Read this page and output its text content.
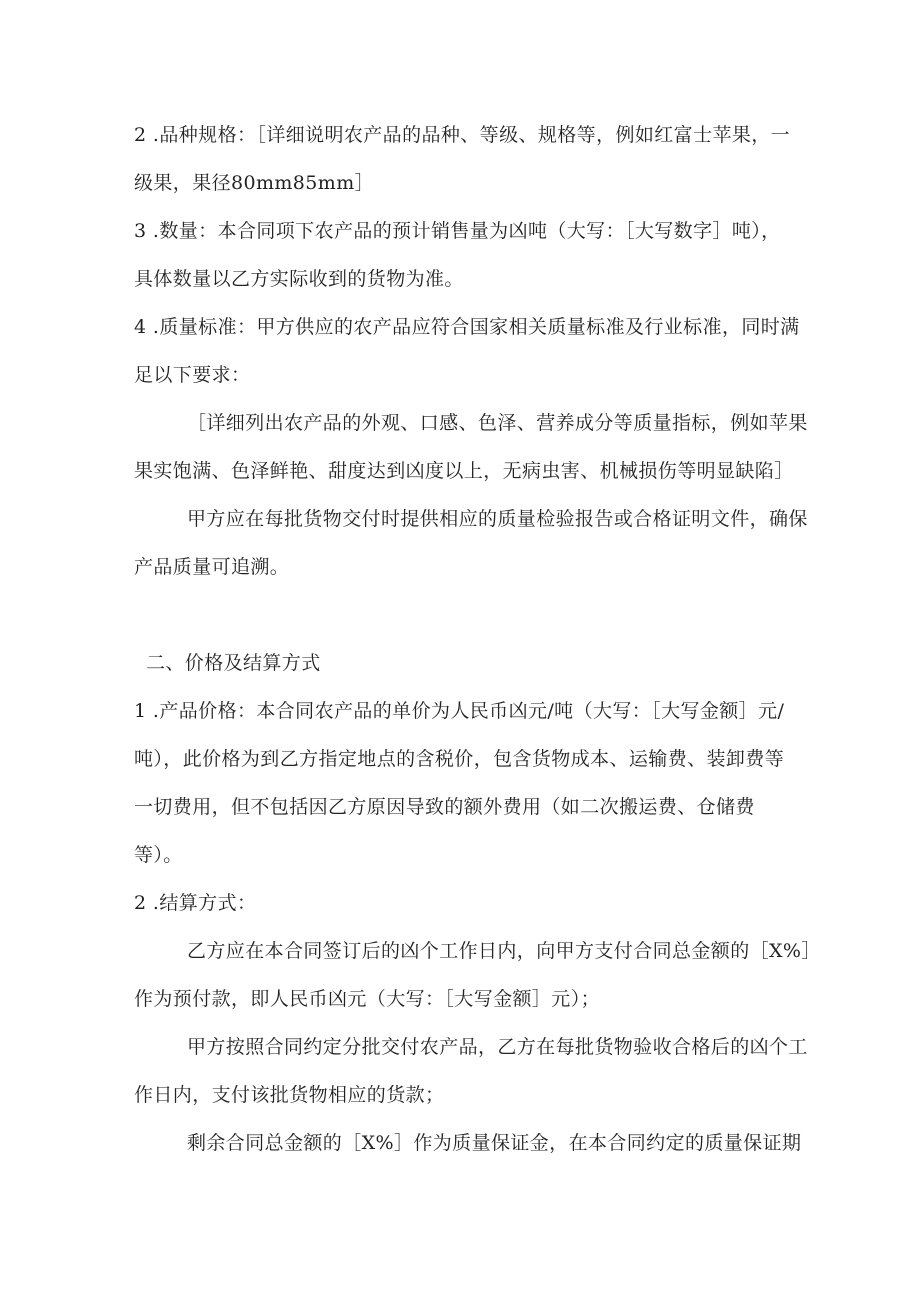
2 .品种规格：［详细说明农产品的品种、等级、规格等，例如红富士苹果，一
级果，果径80mm85mm］
3 .数量：本合同项下农产品的预计销售量为凶吨（大写：［大写数字］吨），
具体数量以乙方实际收到的货物为准。
4 .质量标准：甲方供应的农产品应符合国家相关质量标准及行业标准，同时满
足以下要求：
［详细列出农产品的外观、口感、色泽、营养成分等质量指标，例如苹果
果实饱满、色泽鲜艳、甜度达到凶度以上，无病虫害、机械损伤等明显缺陷］
甲方应在每批货物交付时提供相应的质量检验报告或合格证明文件，确保
产品质量可追溯。
二、价格及结算方式
1 .产品价格：本合同农产品的单价为人民币凶元/吨（大写：［大写金额］元/
吨），此价格为到乙方指定地点的含税价，包含货物成本、运输费、装卸费等
一切费用，但不包括因乙方原因导致的额外费用（如二次搬运费、仓储费
等）。
2 .结算方式：
乙方应在本合同签订后的凶个工作日内，向甲方支付合同总金额的［X%］
作为预付款，即人民币凶元（大写：［大写金额］元）；
甲方按照合同约定分批交付农产品，乙方在每批货物验收合格后的凶个工
作日内，支付该批货物相应的货款；
剩余合同总金额的［X%］作为质量保证金，在本合同约定的质量保证期
